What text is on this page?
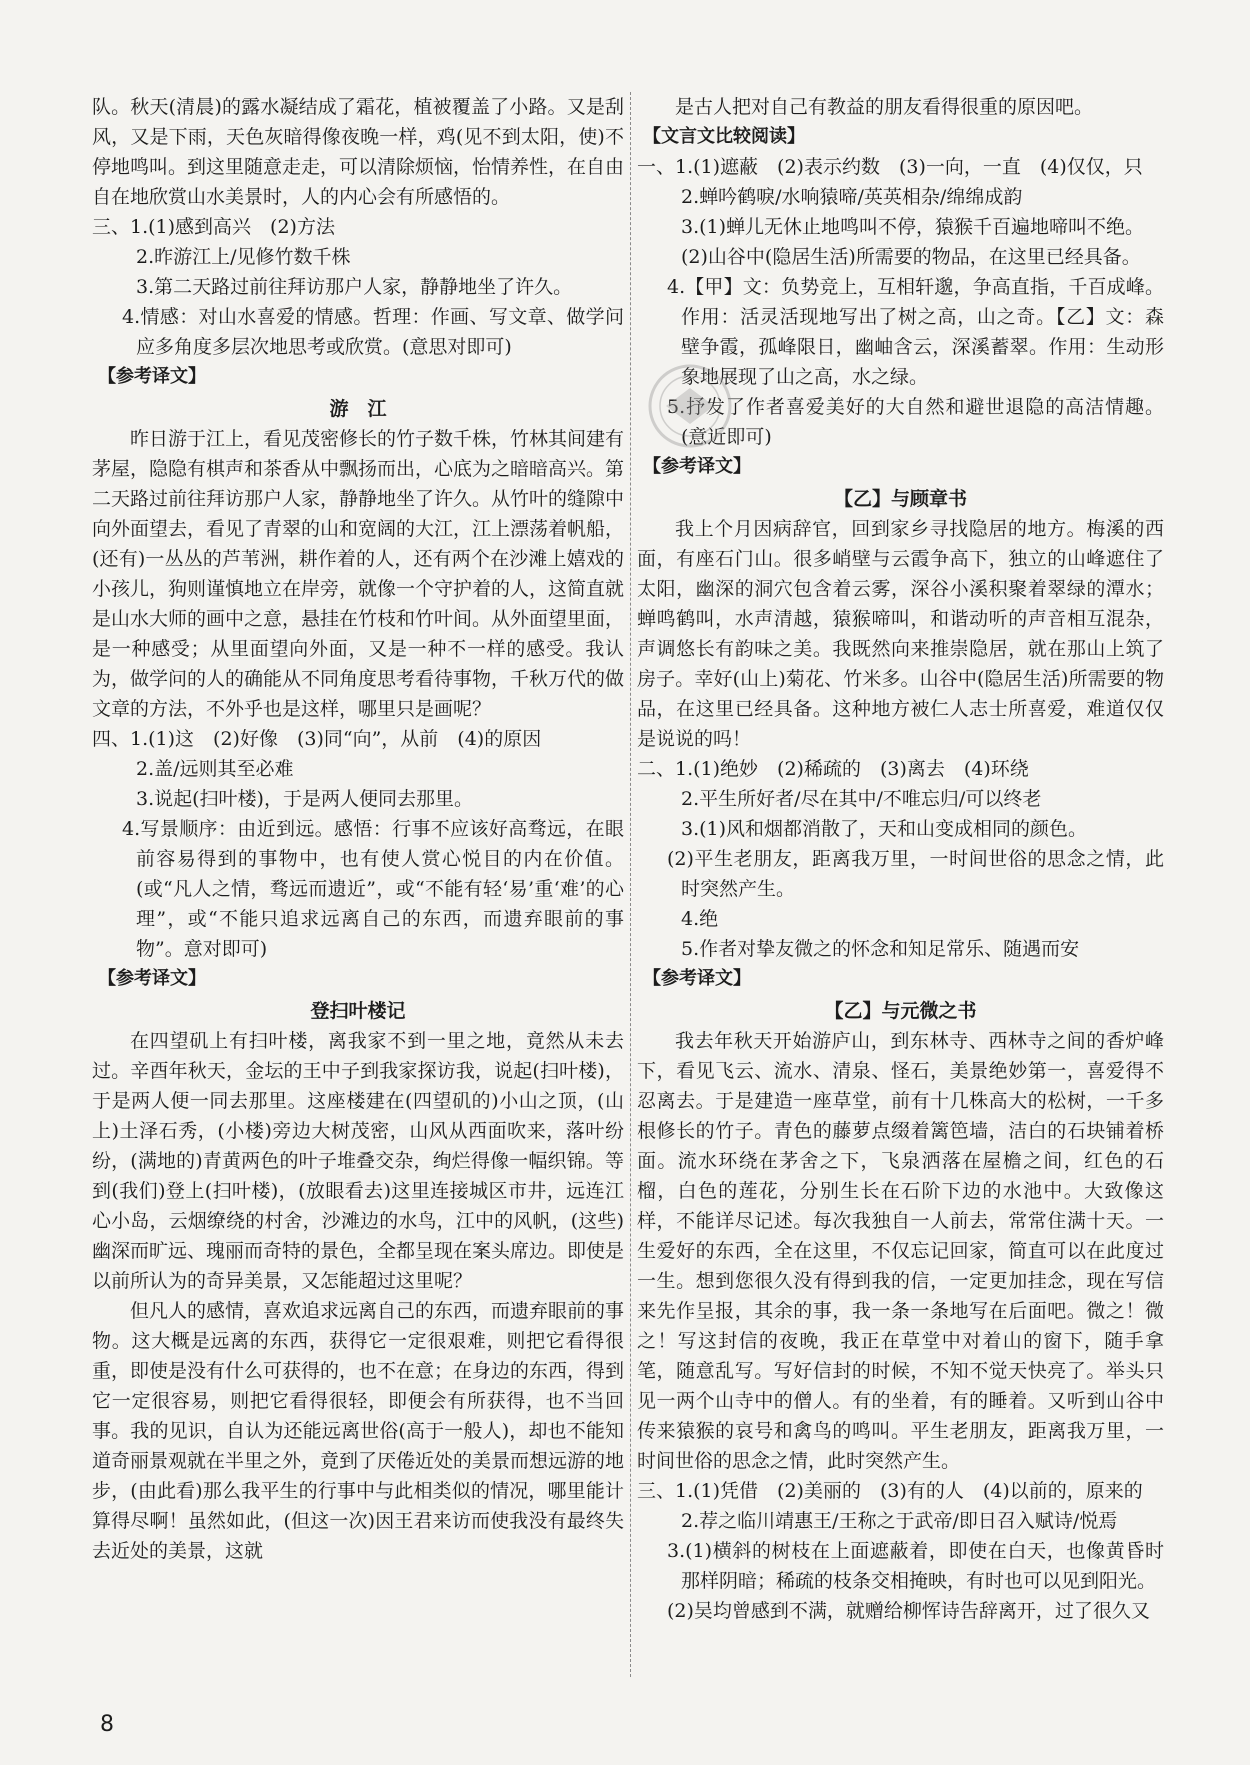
队。秋天(清晨)的露水凝结成了霜花，植被覆盖了小路。又是刮风，又是下雨，天色灰暗得像夜晚一样，鸡(见不到太阳，使)不停地鸣叫。到这里随意走走，可以清除烦恼，怡情养性，在自由自在地欣赏山水美景时，人的内心会有所感悟的。

三、1.(1)感到高兴　(2)方法

2.昨游江上/见修竹数千株

3.第二天路过前往拜访那户人家，静静地坐了许久。

4.情感：对山水喜爱的情感。哲理：作画、写文章、做学问应多角度多层次地思考或欣赏。(意思对即可)

【参考译文】

游　江

昨日游于江上，看见茂密修长的竹子数千株，竹林其间建有茅屋，隐隐有棋声和茶香从中飘扬而出，心底为之暗暗高兴。第二天路过前往拜访那户人家，静静地坐了许久。从竹叶的缝隙中向外面望去，看见了青翠的山和宽阔的大江，江上漂荡着帆船，(还有)一丛丛的芦苇洲，耕作着的人，还有两个在沙滩上嬉戏的小孩儿，狗则谨慎地立在岸旁，就像一个守护着的人，这简直就是山水大师的画中之意，悬挂在竹枝和竹叶间。从外面望里面，是一种感受；从里面望向外面，又是一种不一样的感受。我认为，做学问的人的确能从不同角度思考看待事物，千秋万代的做文章的方法，不外乎也是这样，哪里只是画呢？

四、1.(1)这　(2)好像　(3)同“向”，从前　(4)的原因

2.盖/远则其至必难

3.说起(扫叶楼)，于是两人便同去那里。

4.写景顺序：由近到远。感悟：行事不应该好高骛远，在眼前容易得到的事物中，也有使人赏心悦目的内在价值。(或“凡人之情，骛远而遗近”，或“不能有轻‘易’重‘难’的心理”，或“不能只追求远离自己的东西，而遗弃眼前的事物”。意对即可)

【参考译文】

登扫叶楼记

在四望矶上有扫叶楼，离我家不到一里之地，竟然从未去过。辛酉年秋天，金坛的王中子到我家探访我，说起(扫叶楼)，于是两人便一同去那里。这座楼建在(四望矶的)小山之顶，(山上)土泽石秀，(小楼)旁边大树茂密，山风从西面吹来，落叶纷纷，(满地的)青黄两色的叶子堆叠交杂，绚烂得像一幅织锦。等到(我们)登上(扫叶楼)，(放眼看去)这里连接城区市井，远连江心小岛，云烟缭绕的村舍，沙滩边的水鸟，江中的风帆，(这些)幽深而旷远、瑰丽而奇特的景色，全都呈现在案头席边。即使是以前所认为的奇异美景，又怎能超过这里呢？

但凡人的感情，喜欢追求远离自己的东西，而遗弃眼前的事物。这大概是远离的东西，获得它一定很艰难，则把它看得很重，即使是没有什么可获得的，也不在意；在身边的东西，得到它一定很容易，则把它看得很轻，即便会有所获得，也不当回事。我的见识，自认为还能远离世俗(高于一般人)，却也不能知道奇丽景观就在半里之外，竟到了厌倦近处的美景而想远游的地步，(由此看)那么我平生的行事中与此相类似的情况，哪里能计算得尽啊！虽然如此，(但这一次)因王君来访而使我没有最终失去近处的美景，这就

是古人把对自己有教益的朋友看得很重的原因吧。

【文言文比较阅读】

一、1.(1)遮蔽　(2)表示约数　(3)一向，一直　(4)仅仅，只

2.蝉吟鹤唳/水响猿啼/英英相杂/绵绵成韵

3.(1)蝉儿无休止地鸣叫不停，猿猴千百遍地啼叫不绝。

(2)山谷中(隐居生活)所需要的物品，在这里已经具备。

4.【甲】文：负势竞上，互相轩邈，争高直指，千百成峰。作用：活灵活现地写出了树之高，山之奇。【乙】文：森壁争霞，孤峰限日，幽岫含云，深溪蓄翠。作用：生动形象地展现了山之高，水之绿。

5.抒发了作者喜爱美好的大自然和避世退隐的高洁情趣。(意近即可)

【参考译文】

【乙】与顾章书

我上个月因病辞官，回到家乡寻找隐居的地方。梅溪的西面，有座石门山。很多峭壁与云霞争高下，独立的山峰遮住了太阳，幽深的洞穴包含着云雾，深谷小溪积聚着翠绿的潭水；蝉鸣鹤叫，水声清越，猿猴啼叫，和谐动听的声音相互混杂，声调悠长有韵味之美。我既然向来推崇隐居，就在那山上筑了房子。幸好(山上)菊花、竹米多。山谷中(隐居生活)所需要的物品，在这里已经具备。这种地方被仁人志士所喜爱，难道仅仅是说说的吗！

二、1.(1)绝妙　(2)稀疏的　(3)离去　(4)环绕

2.平生所好者/尽在其中/不唯忘归/可以终老

3.(1)风和烟都消散了，天和山变成相同的颜色。

(2)平生老朋友，距离我万里，一时间世俗的思念之情，此时突然产生。

4.绝

5.作者对挚友微之的怀念和知足常乐、随遇而安

【参考译文】

【乙】与元微之书

我去年秋天开始游庐山，到东林寺、西林寺之间的香炉峰下，看见飞云、流水、清泉、怪石，美景绝妙第一，喜爱得不忍离去。于是建造一座草堂，前有十几株高大的松树，一千多根修长的竹子。青色的藤萝点缀着篱笆墙，洁白的石块铺着桥面。流水环绕在茅舍之下，飞泉洒落在屋檐之间，红色的石榴，白色的莲花，分别生长在石阶下边的水池中。大致像这样，不能详尽记述。每次我独自一人前去，常常住满十天。一生爱好的东西，全在这里，不仅忘记回家，简直可以在此度过一生。想到您很久没有得到我的信，一定更加挂念，现在写信来先作呈报，其余的事，我一条一条地写在后面吧。微之！微之！写这封信的夜晚，我正在草堂中对着山的窗下，随手拿笔，随意乱写。写好信封的时候，不知不觉天快亮了。举头只见一两个山寺中的僧人。有的坐着，有的睡着。又听到山谷中传来猿猴的哀号和禽鸟的鸣叫。平生老朋友，距离我万里，一时间世俗的思念之情，此时突然产生。

三、1.(1)凭借　(2)美丽的　(3)有的人　(4)以前的，原来的

2.荐之临川靖惠王/王称之于武帝/即日召入赋诗/悦焉

3.(1)横斜的树枝在上面遮蔽着，即使在白天，也像黄昏时那样阴暗；稀疏的枝条交相掩映，有时也可以见到阳光。

(2)吴均曾感到不满，就赠给柳恽诗告辞离开，过了很久又

8
